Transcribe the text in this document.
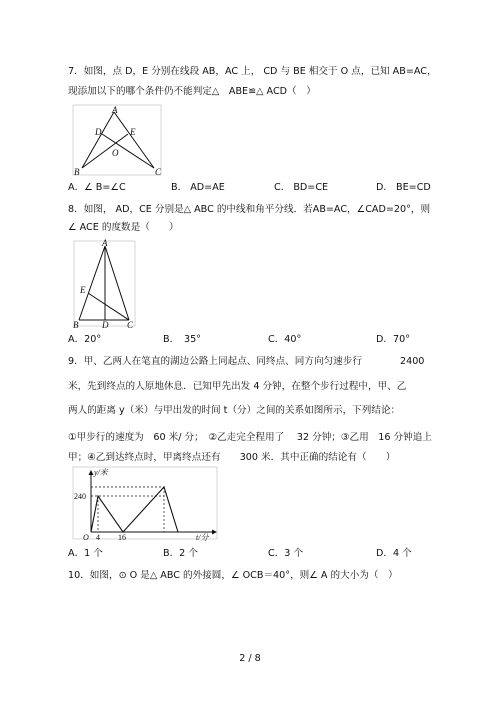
7．如图，点 D，E 分别在线段 AB，AC 上， CD 与 BE 相交于 O 点，已知 AB=AC，
现添加以下的哪个条件仍不能判定△　ABE≌△ ACD（　）
A
D	E
O
B	C
A．∠ B=∠C	B． AD=AE	C． BD=CE	D． BE=CD
8．如图， AD，CE 分别是△ ABC 的中线和角平分线．若AB=AC，∠CAD=20°，则
∠ ACE 的度数是（　　）
A
E
B	D C
A．20°	B．　35°	C．40°	D．70°
9．甲、乙两人在笔直的湖边公路上同起点、同终点、同方向匀速步行	2400
米，先到终点的人原地休息．已知甲先出发 4 分钟，在整个步行过程中，甲、乙
两人的距离 y（米）与甲出发的时间 t（分）之间的关系如图所示，下列结论：
①甲步行的速度为　60 米/ 分；　②乙走完全程用了　 32 分钟；③乙用　16 分钟追上
甲；④乙到达终点时，甲离终点还有　　300 米．其中正确的结论有（　　）
y/米
240
O 4 16	t/分
A．1 个	B．2 个	C．3 个	D．4 个
10．如图，⊙ O 是△ ABC 的外接圆，∠ OCB＝40°，则∠ A 的大小为（　）
2 / 8
